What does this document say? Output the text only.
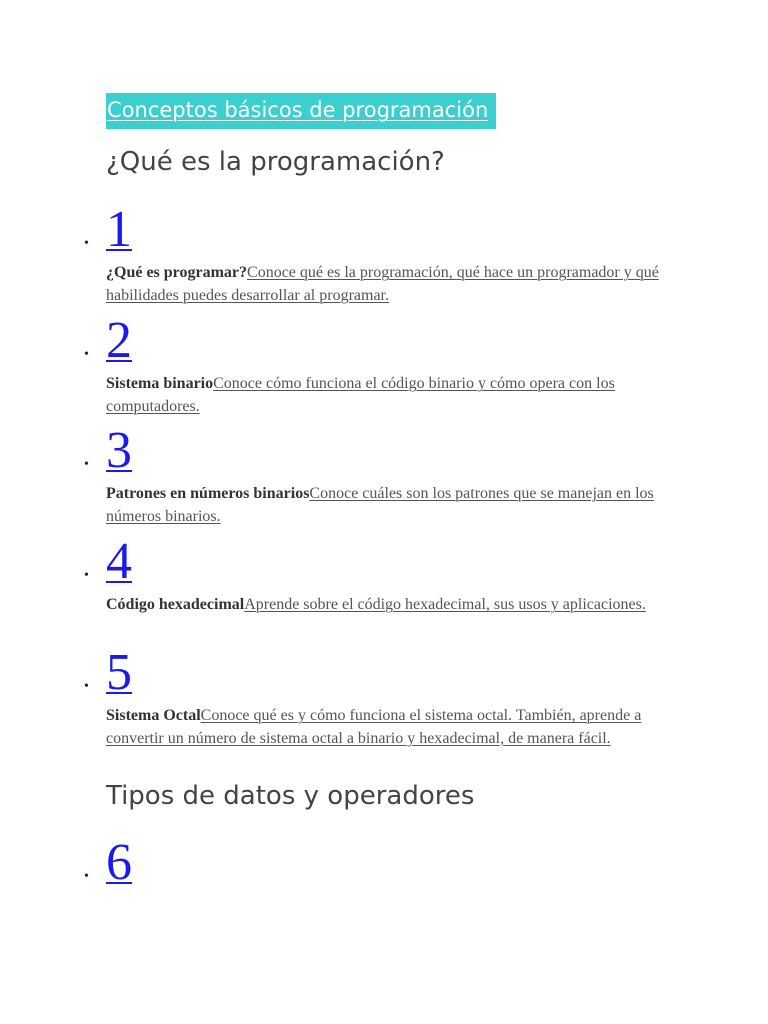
Conceptos básicos de programación
¿Qué es la programación?
• 1
¿Qué es programar?Conoce qué es la programación, qué hace un programador y qué habilidades puedes desarrollar al programar.
• 2
Sistema binarioConoce cómo funciona el código binario y cómo opera con los computadores.
• 3
Patrones en números binariosConoce cuáles son los patrones que se manejan en los números binarios.
• 4
Código hexadecimalAprende sobre el código hexadecimal, sus usos y aplicaciones.
• 5
Sistema OctalConoce qué es y cómo funciona el sistema octal. También, aprende a convertir un número de sistema octal a binario y hexadecimal, de manera fácil.
Tipos de datos y operadores
• 6
